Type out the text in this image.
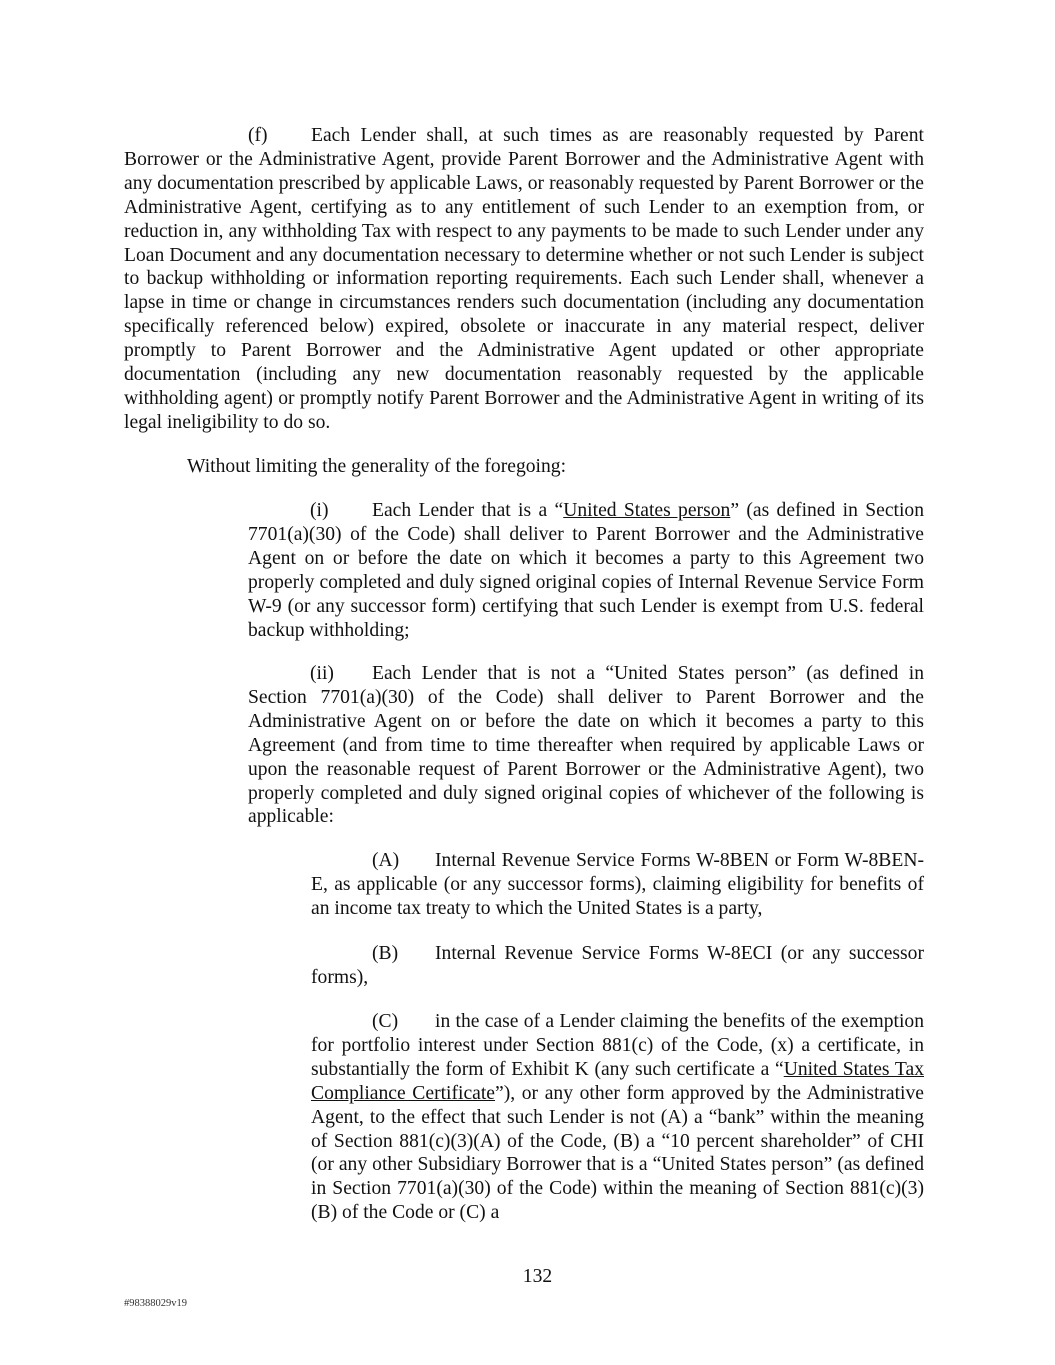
(f) Each Lender shall, at such times as are reasonably requested by Parent Borrower or the Administrative Agent, provide Parent Borrower and the Administrative Agent with any documentation prescribed by applicable Laws, or reasonably requested by Parent Borrower or the Administrative Agent, certifying as to any entitlement of such Lender to an exemption from, or reduction in, any withholding Tax with respect to any payments to be made to such Lender under any Loan Document and any documentation necessary to determine whether or not such Lender is subject to backup withholding or information reporting requirements. Each such Lender shall, whenever a lapse in time or change in circumstances renders such documentation (including any documentation specifically referenced below) expired, obsolete or inaccurate in any material respect, deliver promptly to Parent Borrower and the Administrative Agent updated or other appropriate documentation (including any new documentation reasonably requested by the applicable withholding agent) or promptly notify Parent Borrower and the Administrative Agent in writing of its legal ineligibility to do so.

Without limiting the generality of the foregoing:

(i) Each Lender that is a “United States person” (as defined in Section 7701(a)(30) of the Code) shall deliver to Parent Borrower and the Administrative Agent on or before the date on which it becomes a party to this Agreement two properly completed and duly signed original copies of Internal Revenue Service Form W-9 (or any successor form) certifying that such Lender is exempt from U.S. federal backup withholding;

(ii) Each Lender that is not a “United States person” (as defined in Section 7701(a)(30) of the Code) shall deliver to Parent Borrower and the Administrative Agent on or before the date on which it becomes a party to this Agreement (and from time to time thereafter when required by applicable Laws or upon the reasonable request of Parent Borrower or the Administrative Agent), two properly completed and duly signed original copies of whichever of the following is applicable:

(A) Internal Revenue Service Forms W-8BEN or Form W-8BEN-E, as applicable (or any successor forms), claiming eligibility for benefits of an income tax treaty to which the United States is a party,

(B) Internal Revenue Service Forms W-8ECI (or any successor forms),

(C) in the case of a Lender claiming the benefits of the exemption for portfolio interest under Section 881(c) of the Code, (x) a certificate, in substantially the form of Exhibit K (any such certificate a “United States Tax Compliance Certificate”), or any other form approved by the Administrative Agent, to the effect that such Lender is not (A) a “bank” within the meaning of Section 881(c)(3)(A) of the Code, (B) a “10 percent shareholder” of CHI (or any other Subsidiary Borrower that is a “United States person” (as defined in Section 7701(a)(30) of the Code) within the meaning of Section 881(c)(3)(B) of the Code or (C) a

132
#98388029v19
